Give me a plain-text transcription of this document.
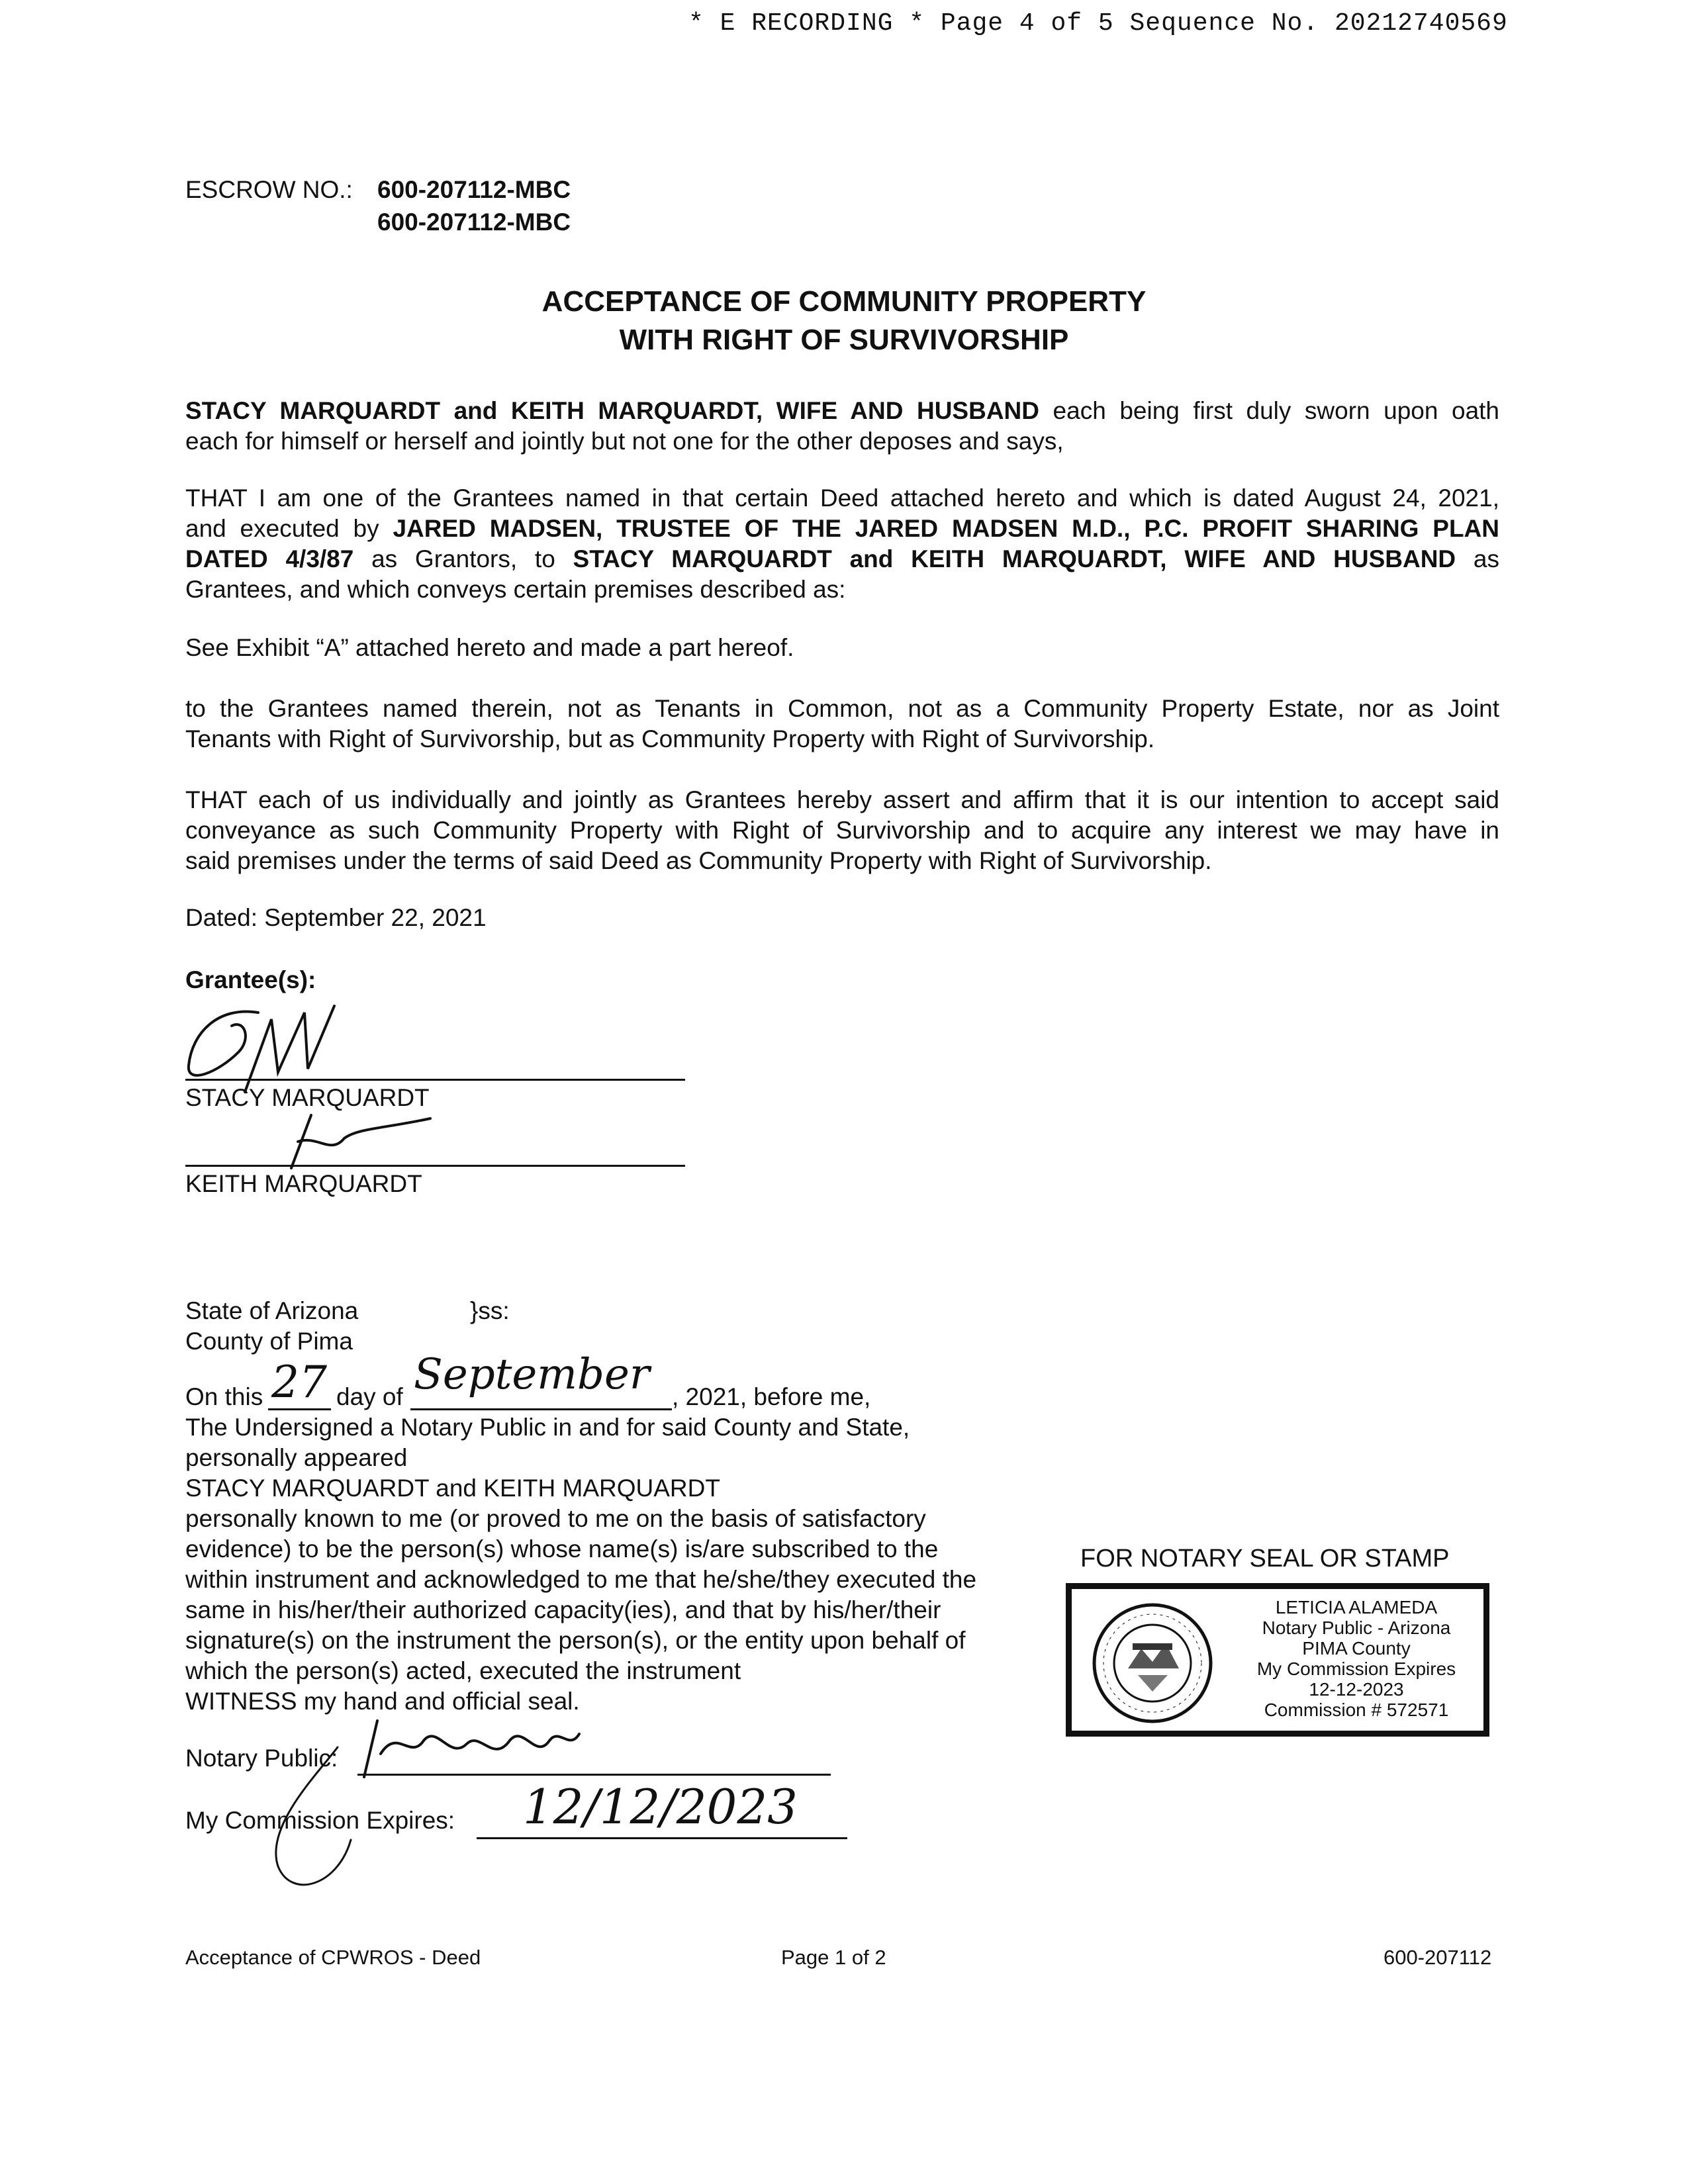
* E RECORDING * Page 4 of 5 Sequence No. 20212740569
ESCROW NO.: 600-207112-MBC
600-207112-MBC
ACCEPTANCE OF COMMUNITY PROPERTY
WITH RIGHT OF SURVIVORSHIP
STACY MARQUARDT and KEITH MARQUARDT, WIFE AND HUSBAND each being first duly sworn upon oath
each for himself or herself and jointly but not one for the other deposes and says,
THAT I am one of the Grantees named in that certain Deed attached hereto and which is dated August 24, 2021,
and executed by JARED MADSEN, TRUSTEE OF THE JARED MADSEN M.D., P.C. PROFIT SHARING PLAN
DATED 4/3/87 as Grantors, to STACY MARQUARDT and KEITH MARQUARDT, WIFE AND HUSBAND as
Grantees, and which conveys certain premises described as:
See Exhibit “A” attached hereto and made a part hereof.
to the Grantees named therein, not as Tenants in Common, not as a Community Property Estate, nor as Joint
Tenants with Right of Survivorship, but as Community Property with Right of Survivorship.
THAT each of us individually and jointly as Grantees hereby assert and affirm that it is our intention to accept said
conveyance as such Community Property with Right of Survivorship and to acquire any interest we may have in
said premises under the terms of said Deed as Community Property with Right of Survivorship.
Dated: September 22, 2021
Grantee(s):
STACY MARQUARDT
KEITH MARQUARDT
State of Arizona	}ss:
County of Pima
On this 27 day of September , 2021, before me,
The Undersigned a Notary Public in and for said County and State,
personally appeared
STACY MARQUARDT and KEITH MARQUARDT
personally known to me (or proved to me on the basis of satisfactory
evidence) to be the person(s) whose name(s) is/are subscribed to the
within instrument and acknowledged to me that he/she/they executed the
same in his/her/their authorized capacity(ies), and that by his/her/their
signature(s) on the instrument the person(s), or the entity upon behalf of
which the person(s) acted, executed the instrument
WITNESS my hand and official seal.
Notary Public:
My Commission Expires: 12/12/2023
FOR NOTARY SEAL OR STAMP
LETICIA ALAMEDA
Notary Public - Arizona
PIMA County
My Commission Expires
12-12-2023
Commission # 572571
Acceptance of CPWROS - Deed	Page 1 of 2	600-207112
